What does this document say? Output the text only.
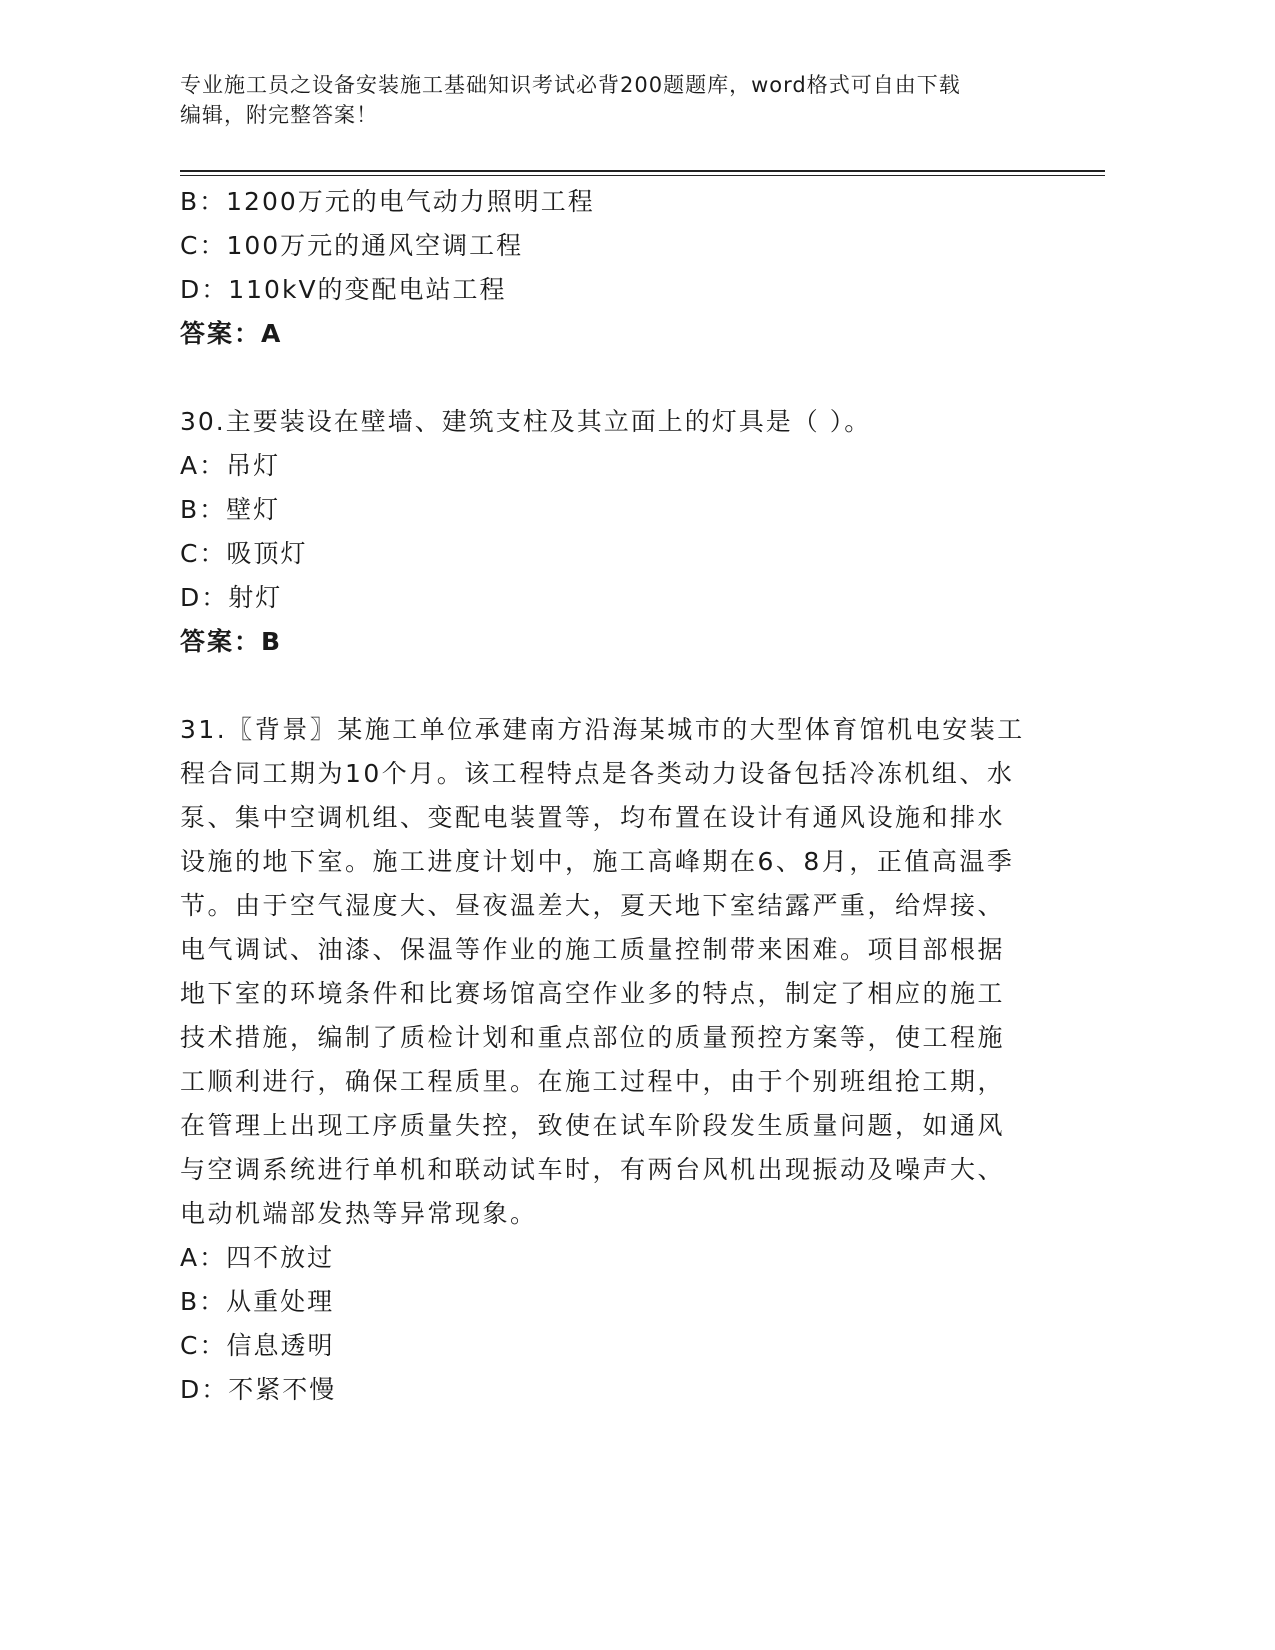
专业施工员之设备安装施工基础知识考试必背200题题库，word格式可自由下载
编辑，附完整答案！

B：1200万元的电气动力照明工程

C：100万元的通风空调工程

D：110kV的变配电站工程

答案：A

30.主要装设在壁墙、建筑支柱及其立面上的灯具是（ ）。

A：吊灯

B：壁灯

C：吸顶灯

D：射灯

答案：B

31.〖背景〗某施工单位承建南方沿海某城市的大型体育馆机电安装工程合同工期为10个月。该工程特点是各类动力设备包括冷冻机组、水泵、集中空调机组、变配电装置等，均布置在设计有通风设施和排水设施的地下室。施工进度计划中，施工高峰期在6、8月，正值高温季节。由于空气湿度大、昼夜温差大，夏天地下室结露严重，给焊接、电气调试、油漆、保温等作业的施工质量控制带来困难。项目部根据地下室的环境条件和比赛场馆高空作业多的特点，制定了相应的施工技术措施，编制了质检计划和重点部位的质量预控方案等，使工程施工顺利进行，确保工程质里。在施工过程中，由于个别班组抢工期，在管理上出现工序质量失控，致使在试车阶段发生质量问题，如通风与空调系统进行单机和联动试车时，有两台风机出现振动及噪声大、电动机端部发热等异常现象。

A：四不放过

B：从重处理

C：信息透明

D：不紧不慢
